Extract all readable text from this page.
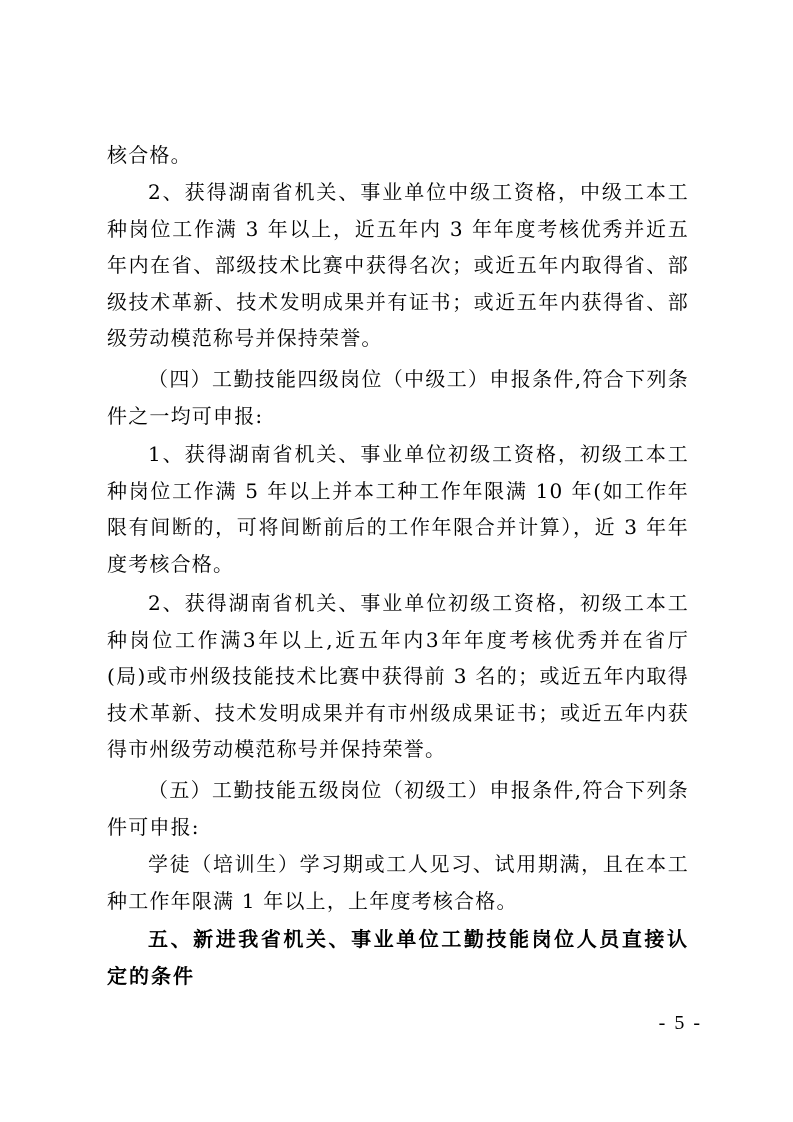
核合格。

2、获得湖南省机关、事业单位中级工资格，中级工本工种岗位工作满 3 年以上，近五年内 3 年年度考核优秀并近五年内在省、部级技术比赛中获得名次；或近五年内取得省、部级技术革新、技术发明成果并有证书；或近五年内获得省、部级劳动模范称号并保持荣誉。

（四）工勤技能四级岗位（中级工）申报条件,符合下列条件之一均可申报:

1、获得湖南省机关、事业单位初级工资格，初级工本工种岗位工作满 5 年以上并本工种工作年限满 10 年(如工作年限有间断的，可将间断前后的工作年限合并计算），近 3 年年度考核合格。

2、获得湖南省机关、事业单位初级工资格，初级工本工种岗位工作满3年以上,近五年内3年年度考核优秀并在省厅(局)或市州级技能技术比赛中获得前 3 名的；或近五年内取得技术革新、技术发明成果并有市州级成果证书；或近五年内获得市州级劳动模范称号并保持荣誉。

（五）工勤技能五级岗位（初级工）申报条件,符合下列条件可申报:

学徒（培训生）学习期或工人见习、试用期满，且在本工种工作年限满 1 年以上，上年度考核合格。

五、新进我省机关、事业单位工勤技能岗位人员直接认定的条件

- 5 -
